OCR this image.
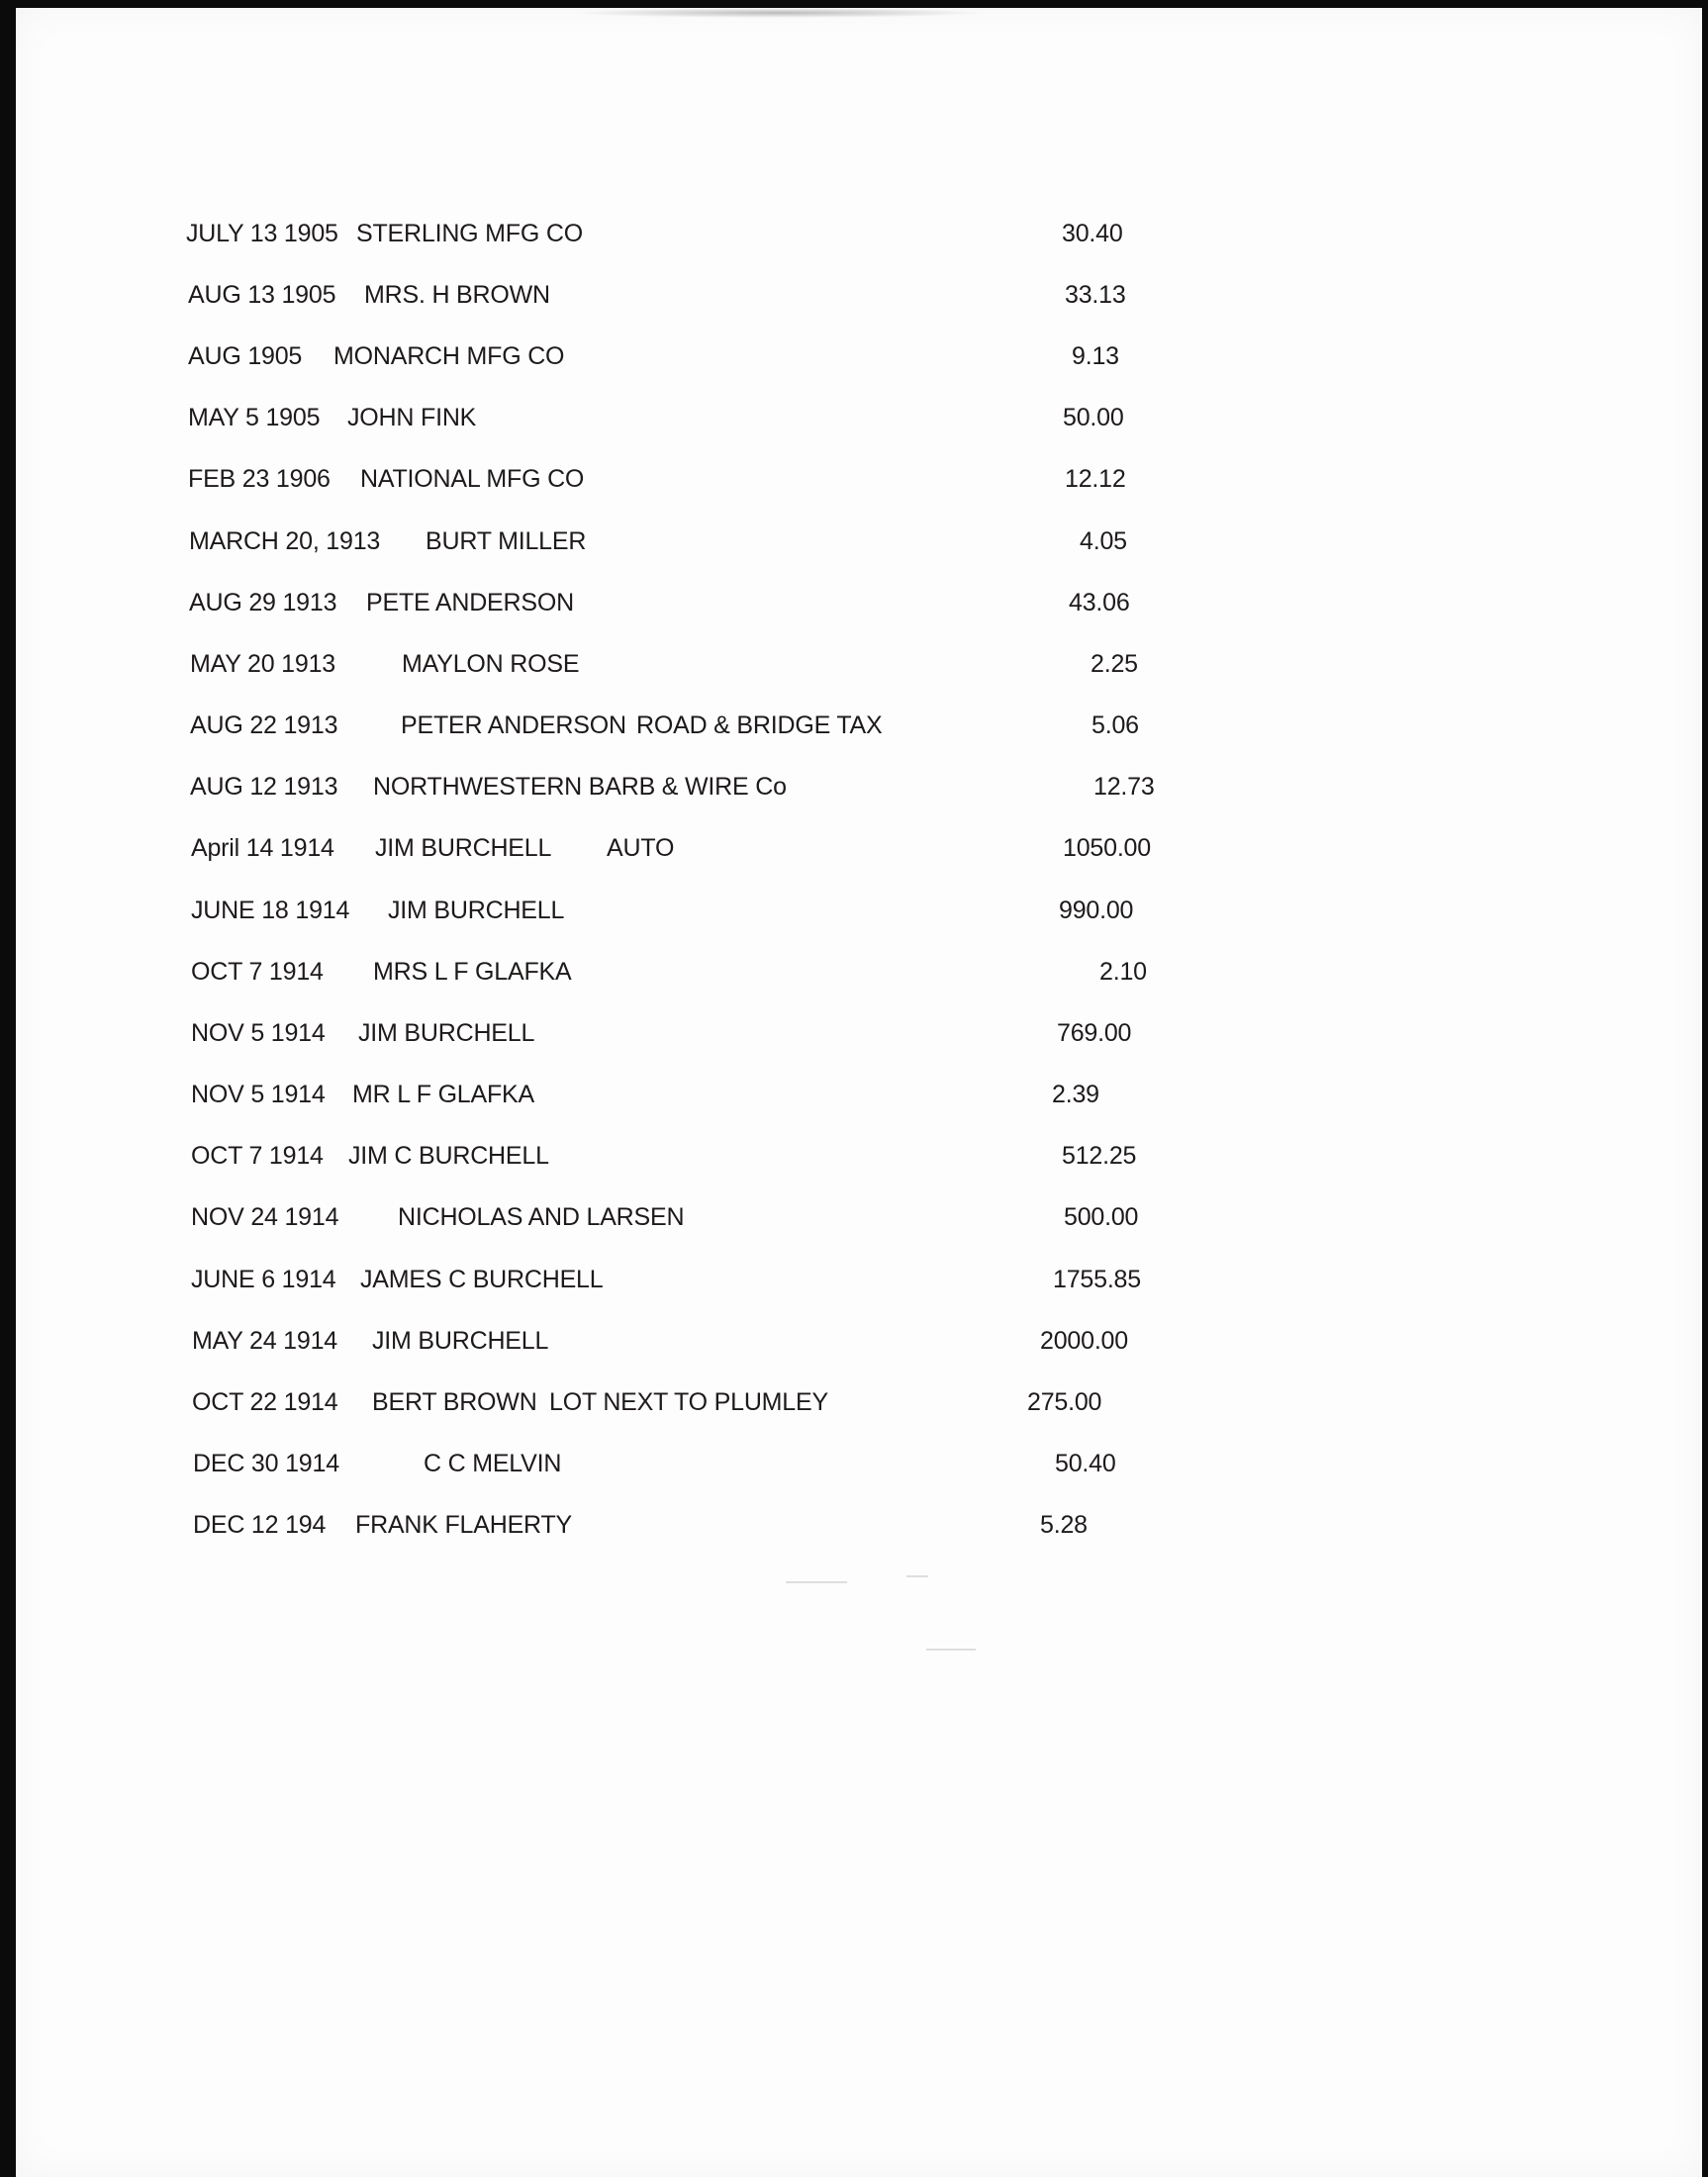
JULY 13 1905 STERLING MFG CO	30.40
AUG 13 1905 MRS. H BROWN	33.13
AUG 1905 MONARCH MFG CO	9.13
MAY 5 1905 JOHN FINK	50.00
FEB 23 1906 NATIONAL MFG CO	12.12
MARCH 20, 1913 BURT MILLER	4.05
AUG 29 1913 PETE ANDERSON	43.06
MAY 20 1913	MAYLON ROSE	2.25
AUG 22 1913	PETER ANDERSON ROAD & BRIDGE TAX	5.06
AUG 12 1913 NORTHWESTERN BARB & WIRE Co	12.73
April 14 1914 JIM BURCHELL AUTO	1050.00
JUNE 18 1914 JIM BURCHELL	990.00
OCT 7 1914 MRS L F GLAFKA	2.10
NOV 5 1914 JIM BURCHELL	769.00
NOV 5 1914 MR L F GLAFKA	2.39
OCT 7 1914 JIM C BURCHELL	512.25
NOV 24 1914 NICHOLAS AND LARSEN	500.00
JUNE 6 1914 JAMES C BURCHELL	1755.85
MAY 24 1914 JIM BURCHELL	2000.00
OCT 22 1914 BERT BROWN LOT NEXT TO PLUMLEY	275.00
DEC 30 1914	C C MELVIN	50.40
DEC 12 194 FRANK FLAHERTY	5.28
